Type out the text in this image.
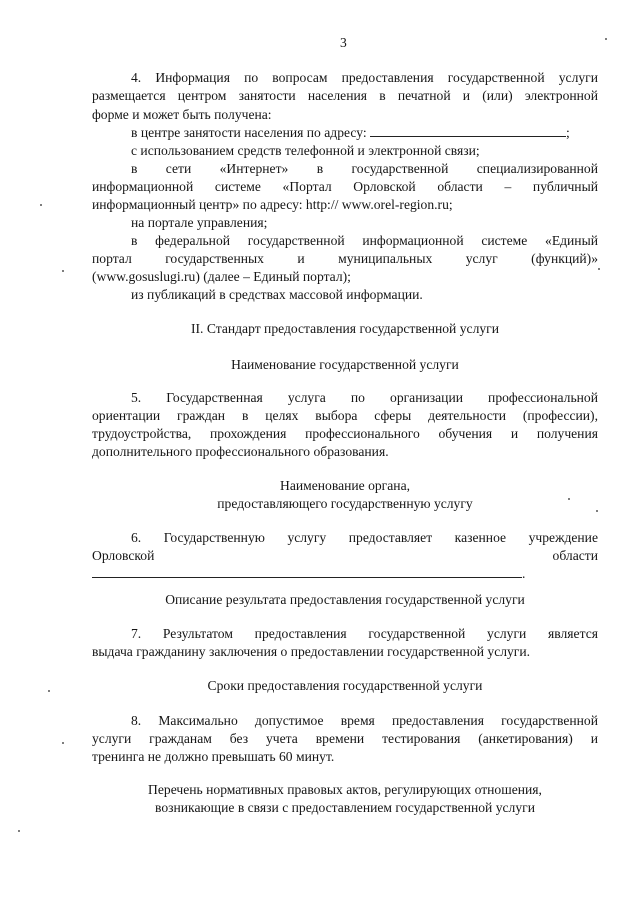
3
4. Информация по вопросам предоставления государственной услуги
размещается центром занятости населения в печатной и (или) электронной
форме и может быть получена:
в центре занятости населения по адресу:	;
с использованием средств телефонной и электронной связи;
в сети «Интернет» в государственной специализированной
информационной системе «Портал Орловской области – публичный
информационный центр» по адресу: http:// www.orel-region.ru;
на портале управления;
в федеральной государственной информационной системе «Единый
портал государственных и муниципальных услуг (функций)»
(www.gosuslugi.ru) (далее – Единый портал);
из публикаций в средствах массовой информации.
II. Стандарт предоставления государственной услуги
Наименование государственной услуги
5. Государственная услуга по организации профессиональной
ориентации граждан в целях выбора сферы деятельности (профессии),
трудоустройства, прохождения профессионального обучения и получения
дополнительного профессионального образования.
Наименование органа,
предоставляющего государственную услугу
6. Государственную услугу предоставляет казенное учреждение
Орловской области
.
Описание результата предоставления государственной услуги
7. Результатом предоставления государственной услуги является
выдача гражданину заключения о предоставлении государственной услуги.
Сроки предоставления государственной услуги
8. Максимально допустимое время предоставления государственной
услуги гражданам без учета времени тестирования (анкетирования) и
тренинга не должно превышать 60 минут.
Перечень нормативных правовых актов, регулирующих отношения,
возникающие в связи с предоставлением государственной услуги
